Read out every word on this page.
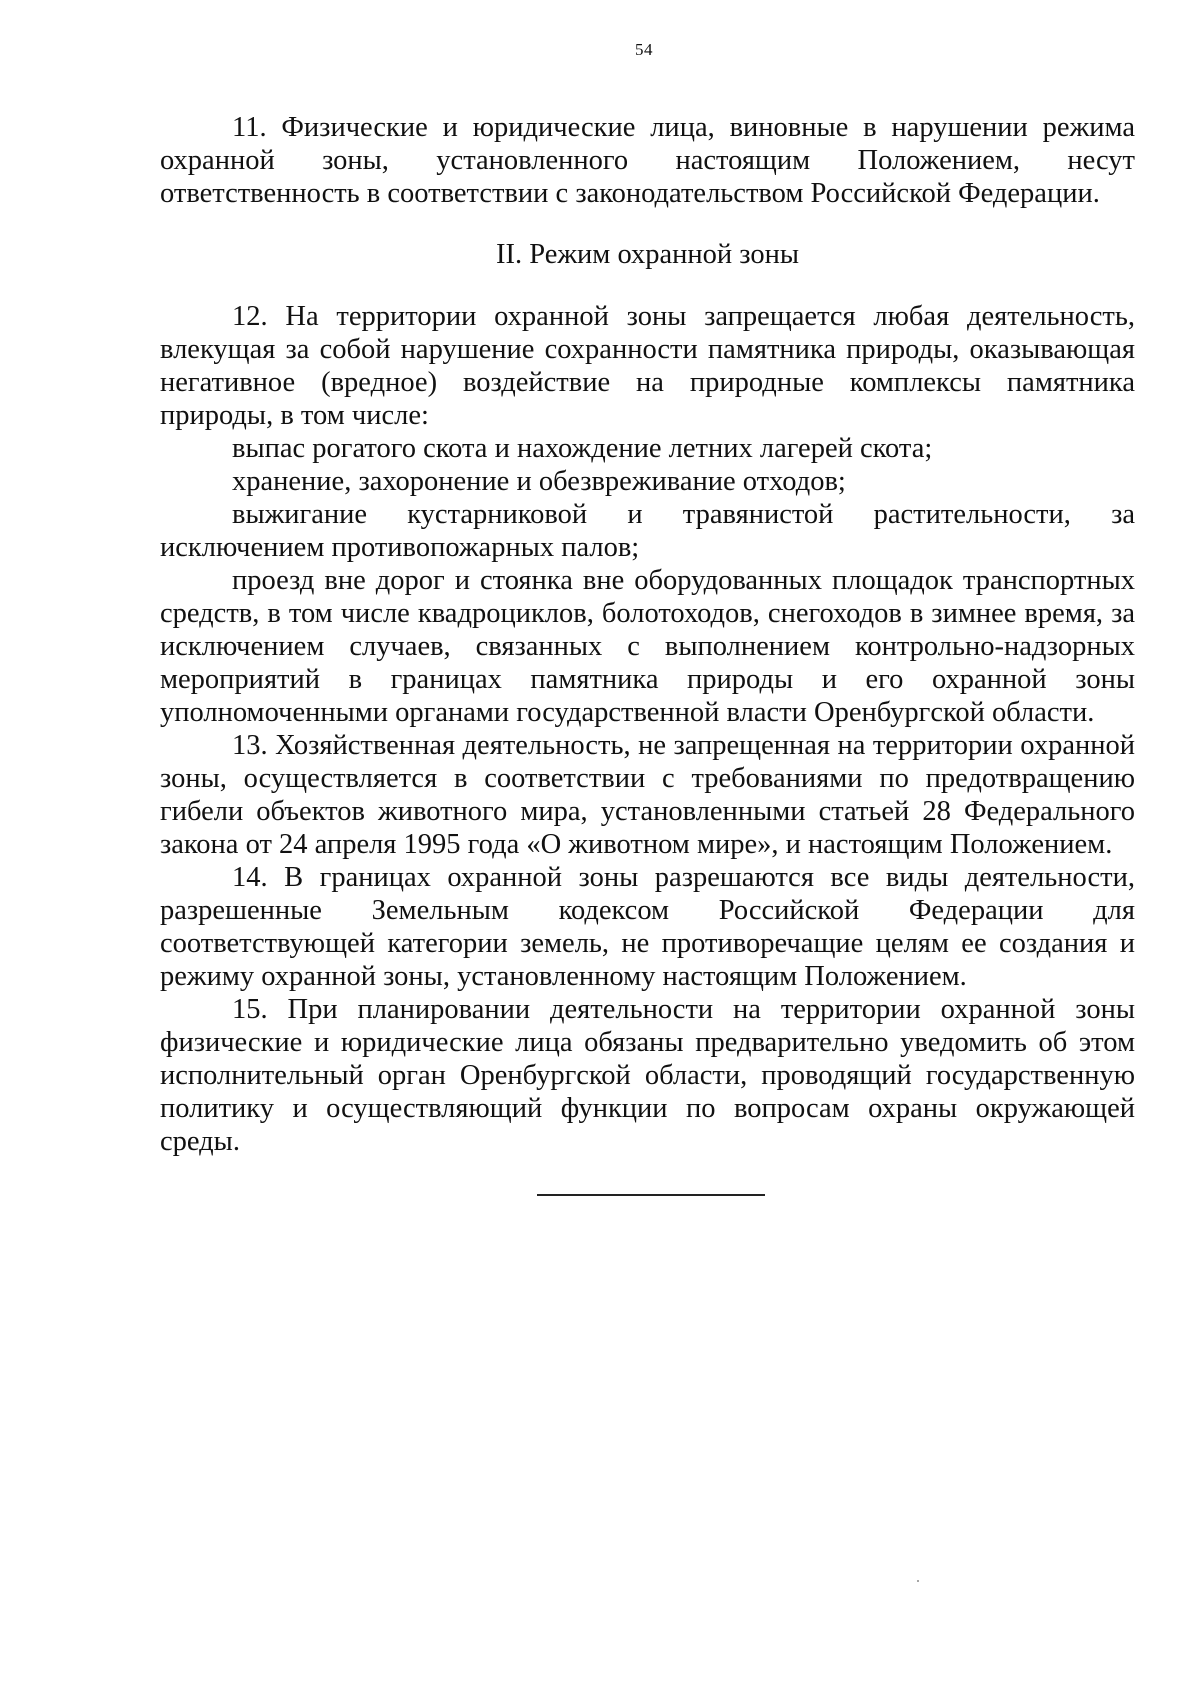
54

11. Физические и юридические лица, виновные в нарушении режима охранной зоны, установленного настоящим Положением, несут ответственность в соответствии с законодательством Российской Федерации.

II. Режим охранной зоны

12. На территории охранной зоны запрещается любая деятельность, влекущая за собой нарушение сохранности памятника природы, оказывающая негативное (вредное) воздействие на природные комплексы памятника природы, в том числе:

выпас рогатого скота и нахождение летних лагерей скота;

хранение, захоронение и обезвреживание отходов;

выжигание кустарниковой и травянистой растительности, за исключением противопожарных палов;

проезд вне дорог и стоянка вне оборудованных площадок транспортных средств, в том числе квадроциклов, болотоходов, снегоходов в зимнее время, за исключением случаев, связанных с выполнением контрольно-надзорных мероприятий в границах памятника природы и его охранной зоны уполномоченными органами государственной власти Оренбургской области.

13. Хозяйственная деятельность, не запрещенная на территории охранной зоны, осуществляется в соответствии с требованиями по предотвращению гибели объектов животного мира, установленными статьей 28 Федерального закона от 24 апреля 1995 года «О животном мире», и настоящим Положением.

14. В границах охранной зоны разрешаются все виды деятельности, разрешенные Земельным кодексом Российской Федерации для соответствующей категории земель, не противоречащие целям ее создания и режиму охранной зоны, установленному настоящим Положением.

15. При планировании деятельности на территории охранной зоны физические и юридические лица обязаны предварительно уведомить об этом исполнительный орган Оренбургской области, проводящий государственную политику и осуществляющий функции по вопросам охраны окружающей среды.
